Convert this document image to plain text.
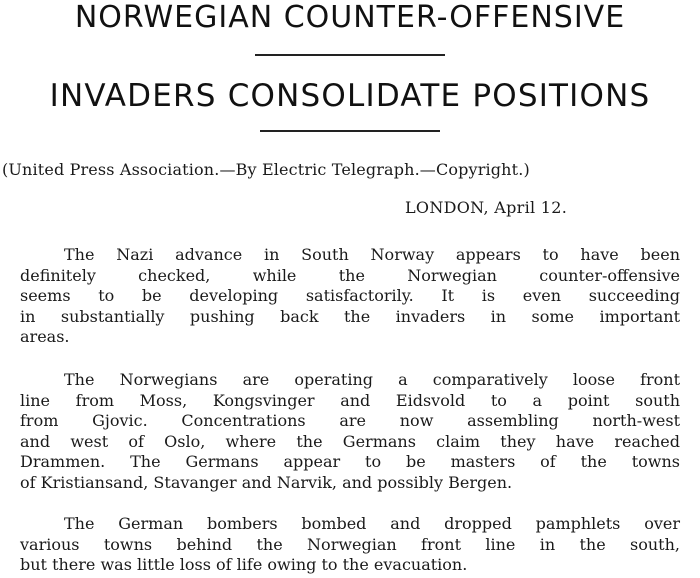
NORWEGIAN COUNTER-OFFENSIVE
INVADERS CONSOLIDATE POSITIONS
(United Press Association.—By Electric Telegraph.—Copyright.)
LONDON, April 12.
The Nazi advance in South Norway appears to have been
definitely checked, while the Norwegian counter-offensive
seems to be developing satisfactorily. It is even succeeding
in substantially pushing back the invaders in some important
areas.
The Norwegians are operating a comparatively loose front
line from Moss, Kongsvinger and Eidsvold to a point south
from Gjovic. Concentrations are now assembling north-west
and west of Oslo, where the Germans claim they have reached
Drammen. The Germans appear to be masters of the towns
of Kristiansand, Stavanger and Narvik, and possibly Bergen.
The German bombers bombed and dropped pamphlets over
various towns behind the Norwegian front line in the south,
but there was little loss of life owing to the evacuation.
